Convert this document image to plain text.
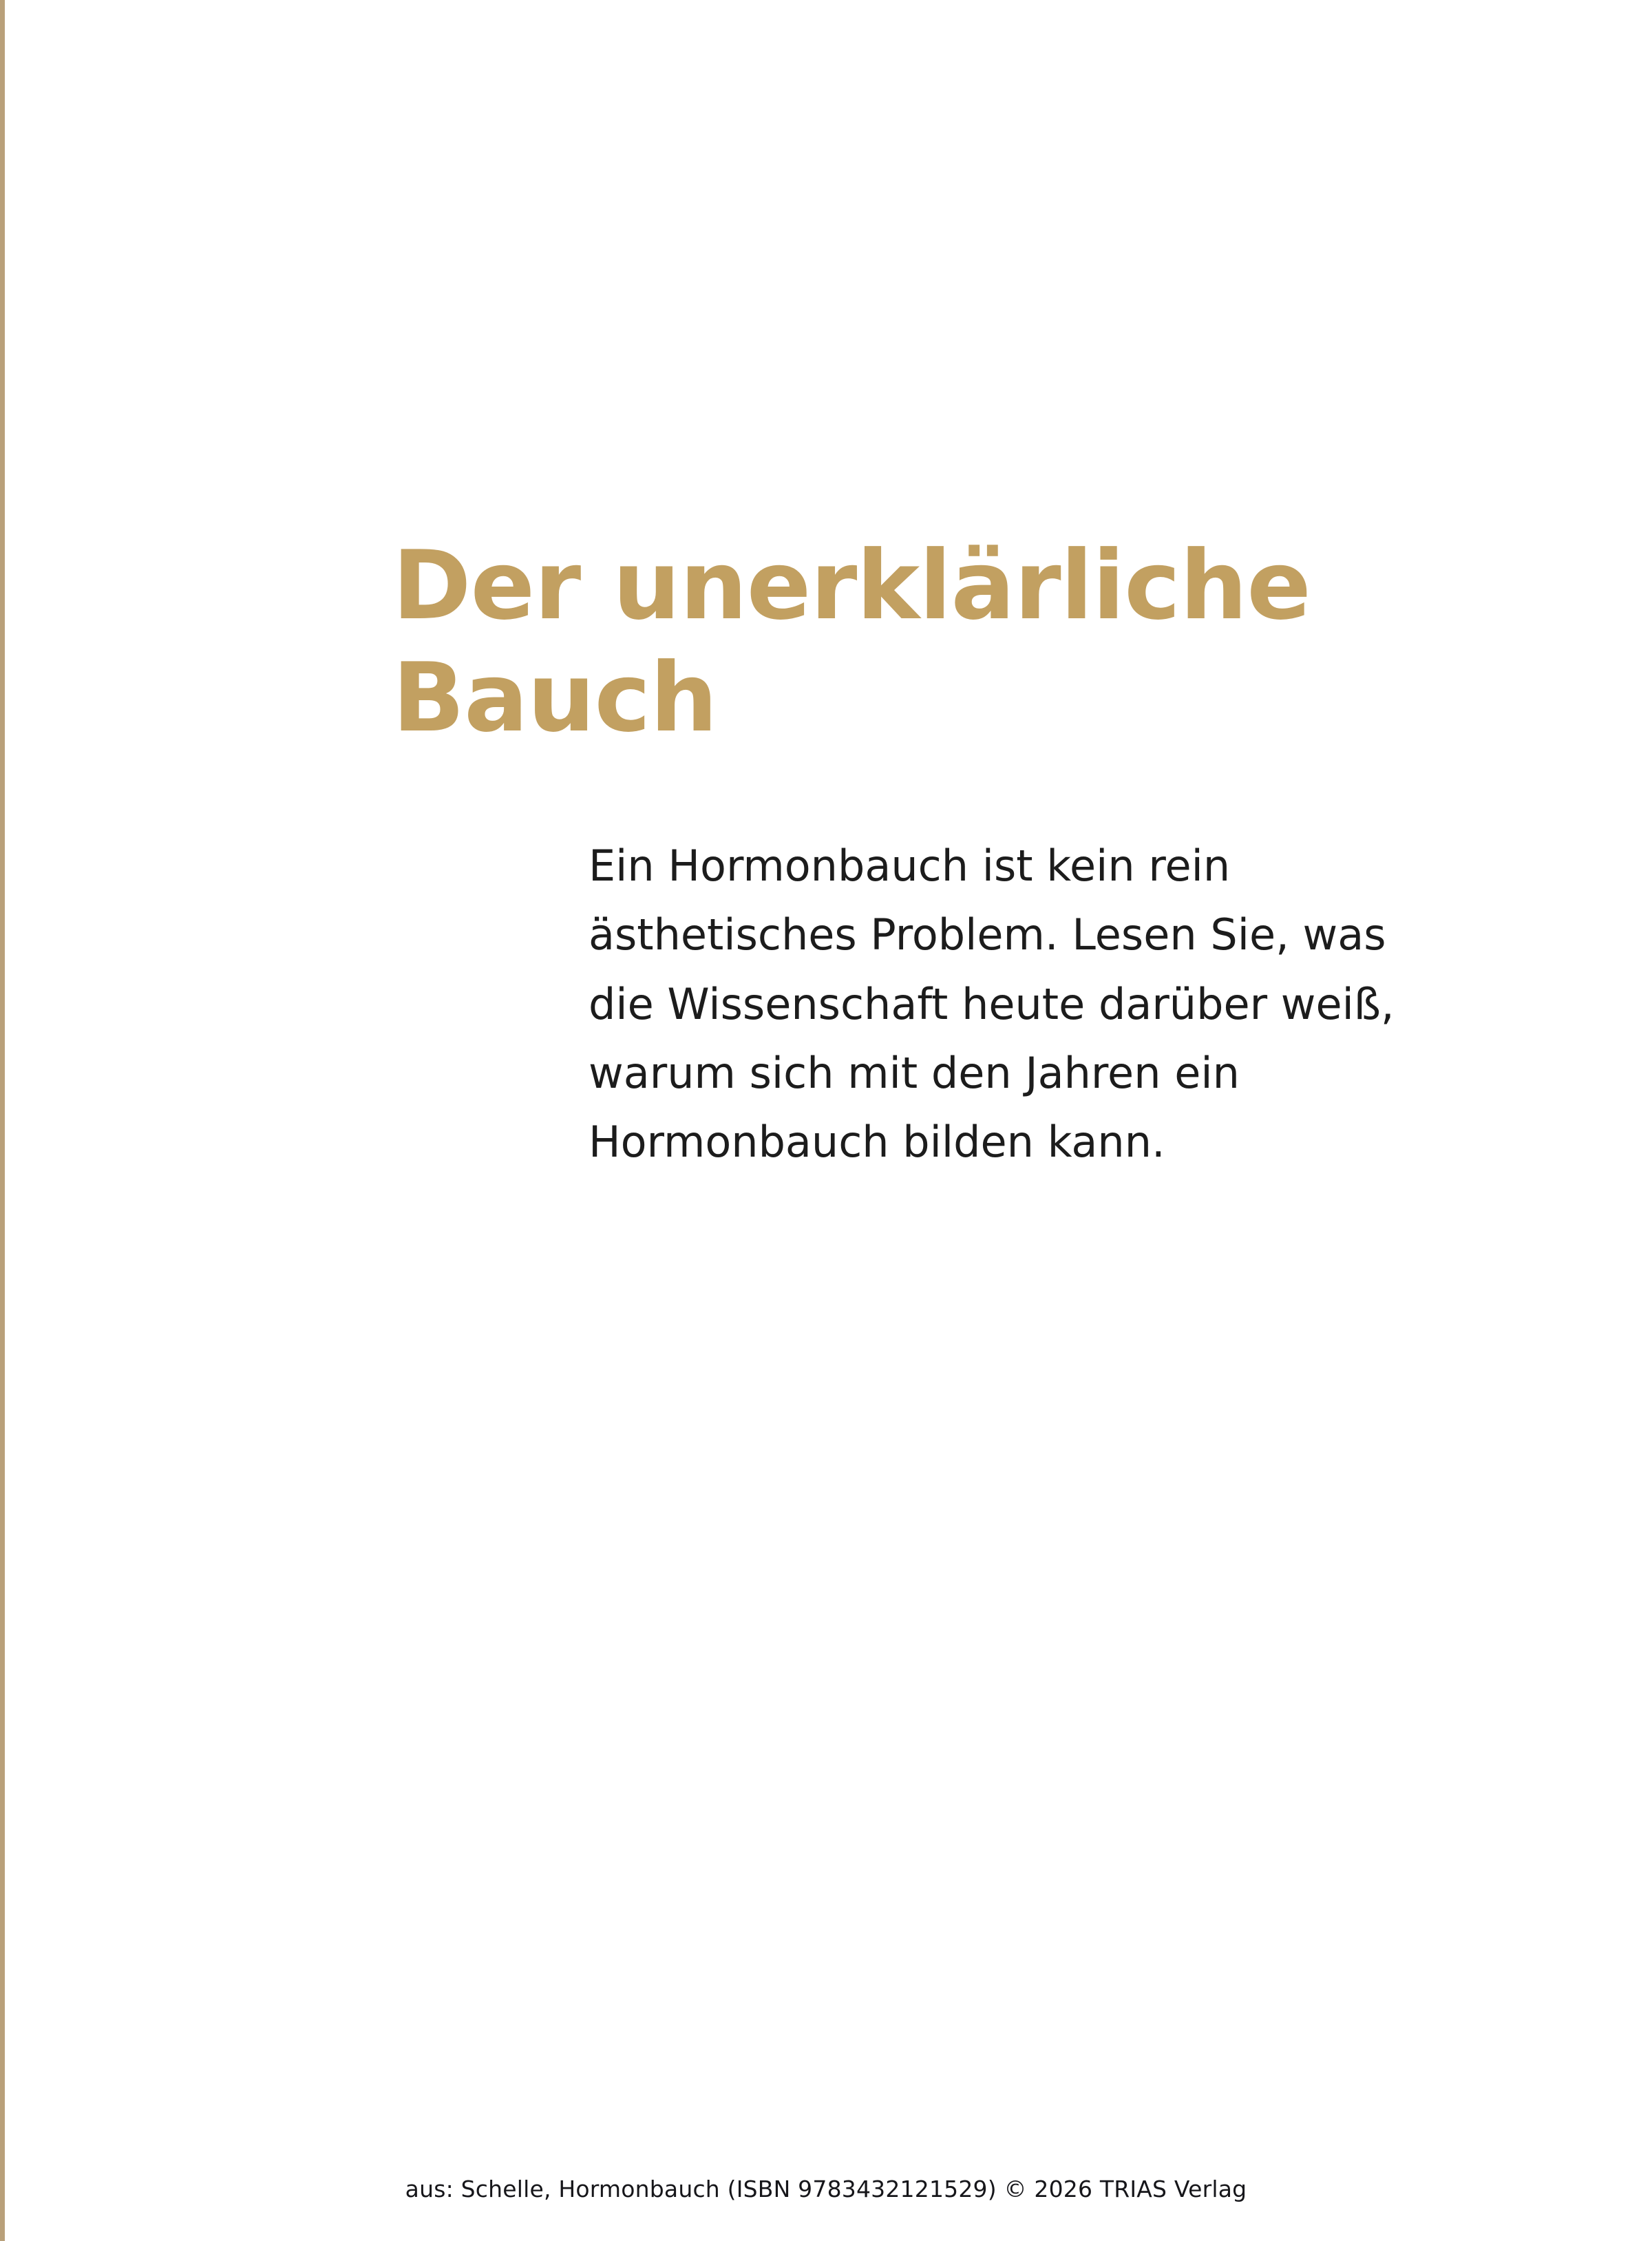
Der unerklärliche Bauch

Ein Hormonbauch ist kein rein ästhetisches Problem. Lesen Sie, was die Wissenschaft heute darüber weiß, warum sich mit den Jahren ein Hormonbauch bilden kann.

aus: Schelle, Hormonbauch (ISBN 9783432121529) © 2026 TRIAS Verlag
